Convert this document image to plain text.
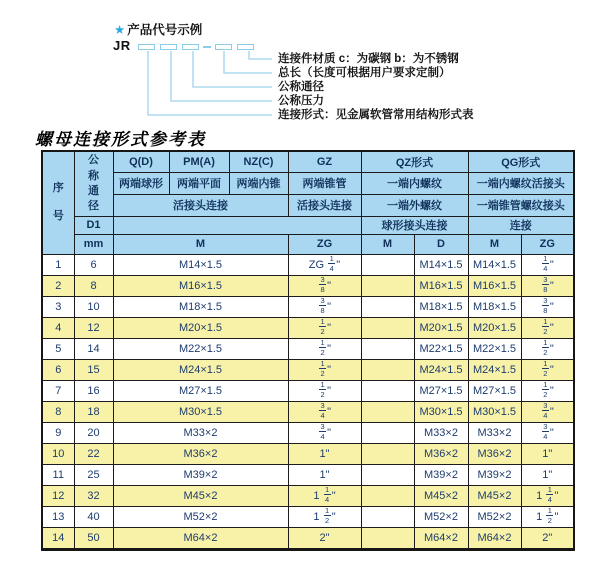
★ 产品代号示例
JR
连接件材质 c：为碳钢 b：为不锈钢
总长（长度可根据用户要求定制）
公称通径
公称压力
连接形式：见金属软管常用结构形式表
螺母连接形式参考表
序号	公称通径	Q(D)	PM(A)	NZ(C)	GZ	QZ形式		QG形式	
		两端球形	两端平面	两端内锥	两端锥管	一端内螺纹		一端内螺纹活接头	
		活接头连接			活接头连接	一端外螺纹		一端锥管螺纹接头	
	D1					球形接头连接		连接	
	mm	M			ZG	M	D	M	ZG
1	6	M14×1.5			ZG $\frac{1}{4}$ "		M14×1.5	M14×1.5	$\frac{1}{4}$ "
2	8	M16×1.5			$\frac{3}{8}$ "		M16×1.5	M16×1.5	$\frac{3}{8}$ "
3	10	M18×1.5			$\frac{3}{8}$ "		M18×1.5	M18×1.5	$\frac{3}{8}$ "
4	12	M20×1.5			$\frac{1}{2}$ "		M20×1.5	M20×1.5	$\frac{1}{2}$ "
5	14	M22×1.5			$\frac{1}{2}$ "		M22×1.5	M22×1.5	$\frac{1}{2}$ "
6	15	M24×1.5			$\frac{1}{2}$ "		M24×1.5	M24×1.5	$\frac{1}{2}$ "
7	16	M27×1.5			$\frac{1}{2}$ "		M27×1.5	M27×1.5	$\frac{1}{2}$ "
8	18	M30×1.5			$\frac{3}{4}$ "		M30×1.5	M30×1.5	$\frac{3}{4}$ "
9	20	M33×2			$\frac{3}{4}$ "		M33×2	M33×2	$\frac{3}{4}$ "
10	22	M36×2			1"		M36×2	M36×2	1"
11	25	M39×2			1"		M39×2	M39×2	1"
12	32	M45×2			$1 \frac{1}{4}$ "		M45×2	M45×2	$1 \frac{1}{4}$ "
13	40	M52×2			$1 \frac{1}{2}$ "		M52×2	M52×2	$1 \frac{1}{2}$ "
14	50	M64×2			2"		M64×2	M64×2	2"
